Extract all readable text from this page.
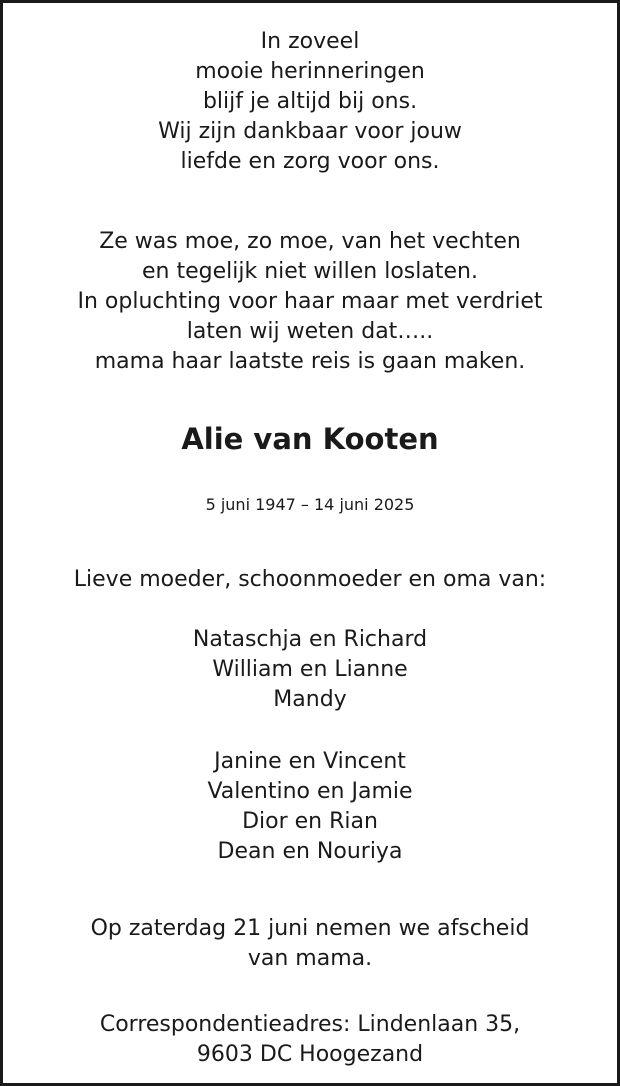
In zoveel
mooie herinneringen
blijf je altijd bij ons.
Wij zijn dankbaar voor jouw
liefde en zorg voor ons.
Ze was moe, zo moe, van het vechten
en tegelijk niet willen loslaten.
In opluchting voor haar maar met verdriet
laten wij weten dat…..
mama haar laatste reis is gaan maken.
Alie van Kooten
5 juni 1947 – 14 juni 2025
Lieve moeder, schoonmoeder en oma van:
Nataschja en Richard
William en Lianne
Mandy
Janine en Vincent
Valentino en Jamie
Dior en Rian
Dean en Nouriya
Op zaterdag 21 juni nemen we afscheid
van mama.
Correspondentieadres: Lindenlaan 35,
9603 DC Hoogezand
